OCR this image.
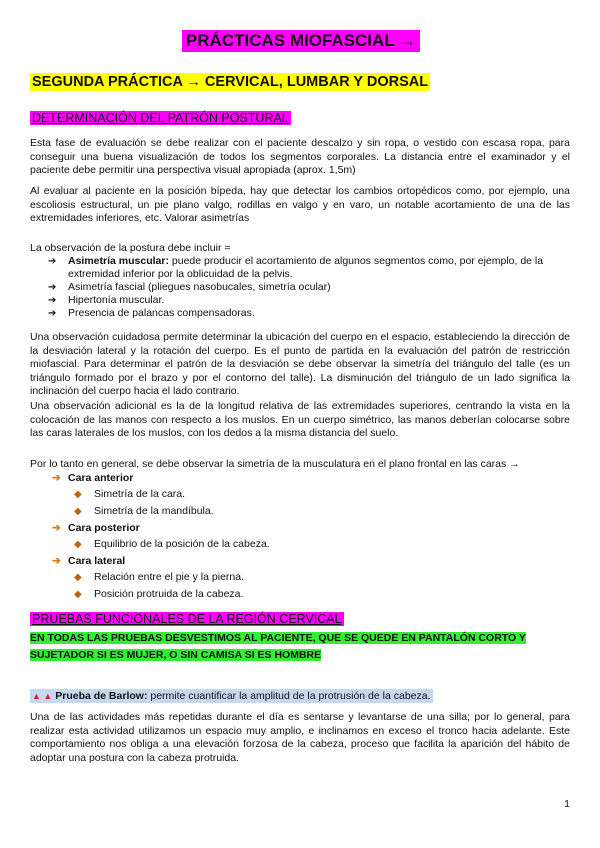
PRÁCTICAS MIOFASCIAL →
SEGUNDA PRÁCTICA → CERVICAL, LUMBAR Y DORSAL
DETERMINACIÓN DEL PATRÓN POSTURAL

Esta fase de evaluación se debe realizar con el paciente descalzo y sin ropa, o vestido con escasa ropa, para conseguir una buena visualización de todos los segmentos corporales. La distancia entre el examinador y el paciente debe permitir una perspectiva visual apropiada (aprox. 1,5m)

Al evaluar al paciente en la posición bípeda, hay que detectar los cambios ortopédicos como, por ejemplo, una escoliosis estructural, un pie plano valgo, rodillas en valgo y en varo, un notable acortamiento de una de las extremidades inferiores, etc. Valorar asimetrías

La observación de la postura debe incluir =

➔ Asimetría muscular: puede producir el acortamiento de algunos segmentos como, por ejemplo, de la extremidad inferior por la oblicuidad de la pelvis.
➔ Asimetría fascial (pliegues nasobucales, simetría ocular)
➔ Hipertonía muscular.
➔ Presencia de palancas compensadoras.

Una observación cuidadosa permite determinar la ubicación del cuerpo en el espacio, estableciendo la dirección de la desviación lateral y la rotación del cuerpo. Es el punto de partida en la evaluación del patrón de restricción miofascial. Para determinar el patrón de la desviación se debe observar la simetría del triángulo del talle (es un triángulo formado por el brazo y por el contorno del talle). La disminución del triángulo de un lado significa la inclinación del cuerpo hacia el lado contrario.

Una observación adicional es la de la longitud relativa de las extremidades superiores, centrando la vista en la colocación de las manos con respecto a los muslos. En un cuerpo simétrico, las manos deberían colocarse sobre las caras laterales de los muslos, con los dedos a la misma distancia del suelo.

Por lo tanto en general, se debe observar la simetría de la musculatura en el plano frontal en las caras →

➔ Cara anterior
◆ Simetría de la cara.
◆ Simetría de la mandíbula.
➔ Cara posterior
◆ Equilibrio de la posición de la cabeza.
➔ Cara lateral
◆ Relación entre el pie y la pierna.
◆ Posición protruida de la cabeza.
PRUEBAS FUNCIONALES DE LA REGIÓN CERVICAL
EN TODAS LAS PRUEBAS DESVESTIMOS AL PACIENTE, QUE SE QUEDE EN PANTALÓN CORTO Y SUJETADOR SI ES MUJER, O SIN CAMISA SI ES HOMBRE
▲ ▲ Prueba de Barlow: permite cuantificar la amplitud de la protrusión de la cabeza.

Una de las actividades más repetidas durante el día es sentarse y levantarse de una silla; por lo general, para realizar esta actividad utilizamos un espacio muy amplio, e inclinamos en exceso el tronco hacia adelante. Este comportamiento nos obliga a una elevación forzosa de la cabeza, proceso que facilita la aparición del hábito de adoptar una postura con la cabeza protruida.

1
